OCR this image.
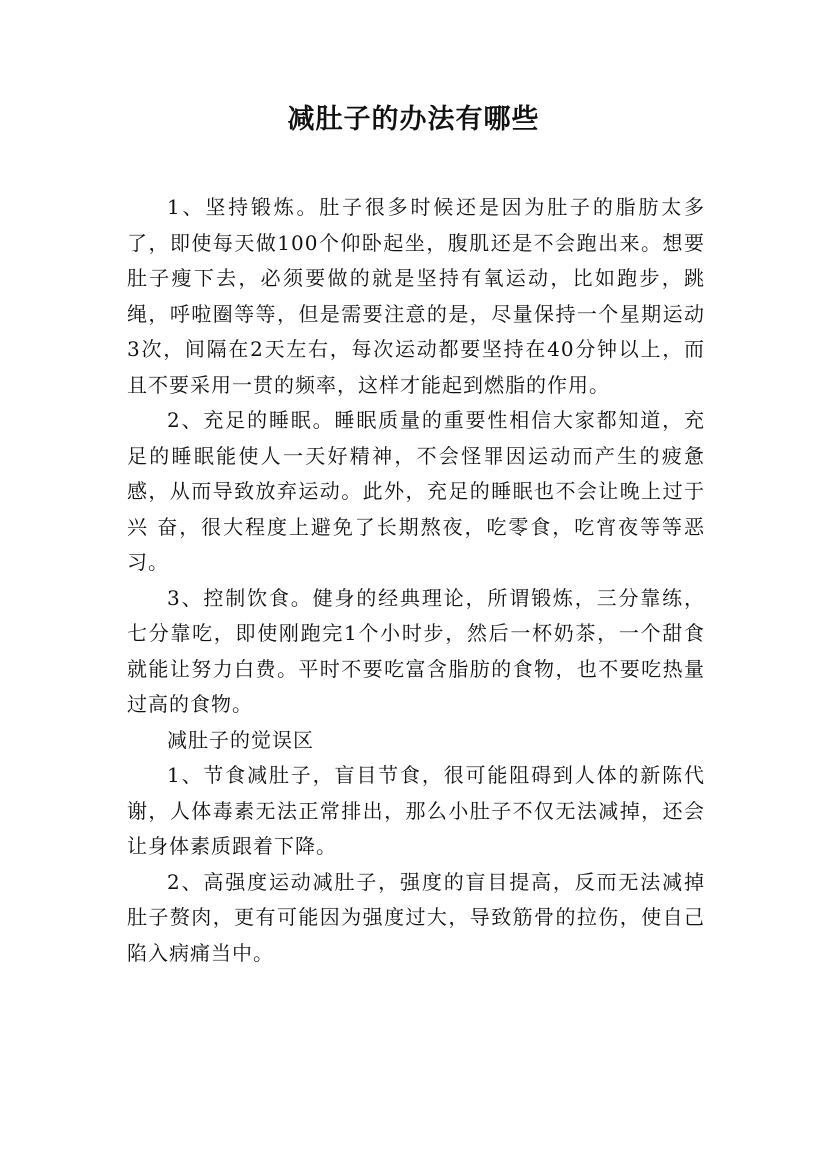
减肚子的办法有哪些

1、坚持锻炼。肚子很多时候还是因为肚子的脂肪太多了，即使每天做100个仰卧起坐，腹肌还是不会跑出来。想要肚子瘦下去，必须要做的就是坚持有氧运动，比如跑步，跳绳，呼啦圈等等，但是需要注意的是，尽量保持一个星期运动3次，间隔在2天左右，每次运动都要坚持在40分钟以上，而且不要采用一贯的频率，这样才能起到燃脂的作用。

2、充足的睡眠。睡眠质量的重要性相信大家都知道，充足的睡眠能使人一天好精神，不会怪罪因运动而产生的疲惫感，从而导致放弃运动。此外，充足的睡眠也不会让晚上过于兴 奋，很大程度上避免了长期熬夜，吃零食，吃宵夜等等恶习。

3、控制饮食。健身的经典理论，所谓锻炼，三分靠练，七分靠吃，即使刚跑完1个小时步，然后一杯奶茶，一个甜食就能让努力白费。平时不要吃富含脂肪的食物，也不要吃热量过高的食物。

减肚子的觉误区

1、节食减肚子，盲目节食，很可能阻碍到人体的新陈代谢，人体毒素无法正常排出，那么小肚子不仅无法减掉，还会让身体素质跟着下降。

2、高强度运动减肚子，强度的盲目提高，反而无法减掉肚子赘肉，更有可能因为强度过大，导致筋骨的拉伤，使自己陷入病痛当中。
